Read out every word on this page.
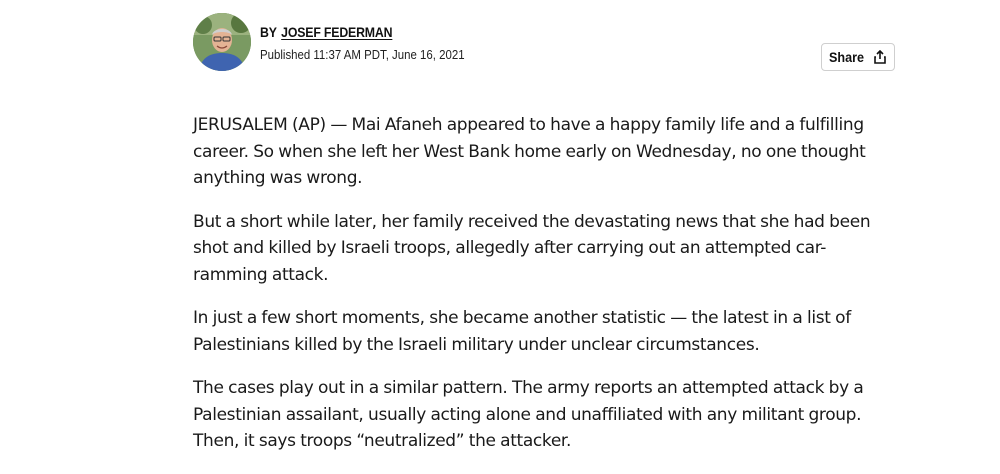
BY JOSEF FEDERMAN
Published 11:37 AM PDT, June 16, 2021	Share

JERUSALEM (AP) — Mai Afaneh appeared to have a happy family life and a fulfilling career. So when she left her West Bank home early on Wednesday, no one thought anything was wrong.

But a short while later, her family received the devastating news that she had been shot and killed by Israeli troops, allegedly after carrying out an attempted car-ramming attack.

In just a few short moments, she became another statistic — the latest in a list of Palestinians killed by the Israeli military under unclear circumstances.

The cases play out in a similar pattern. The army reports an attempted attack by a Palestinian assailant, usually acting alone and unaffiliated with any militant group. Then, it says troops “neutralized” the attacker.
